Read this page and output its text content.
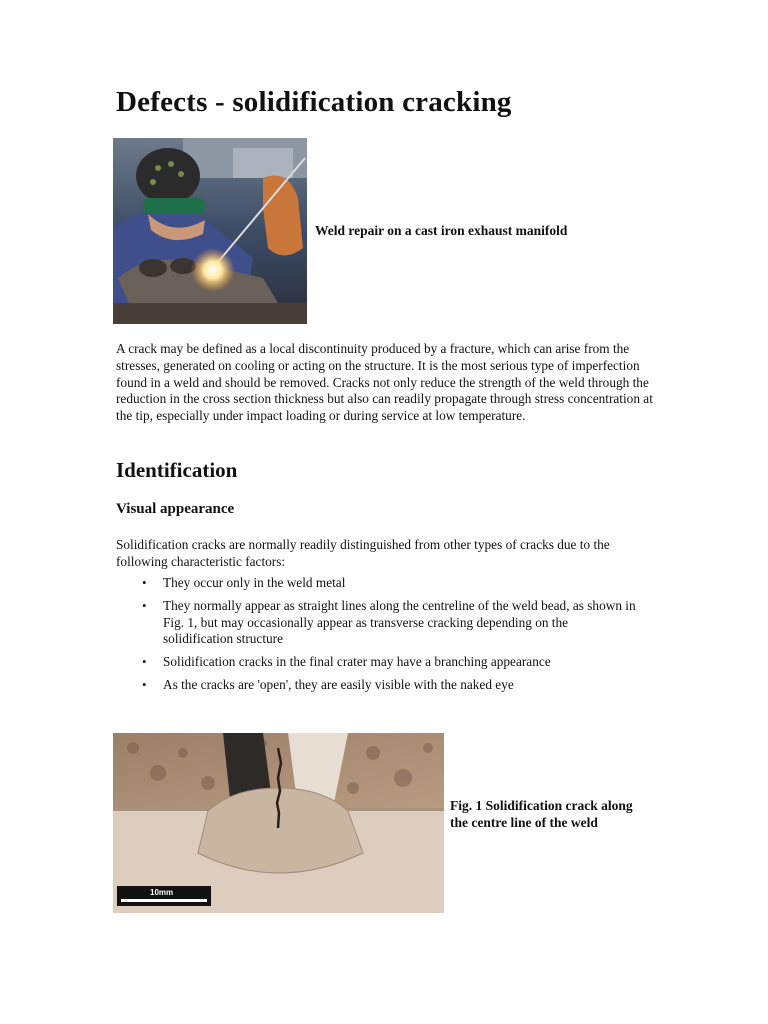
Defects - solidification cracking

Weld repair on a cast iron exhaust manifold

A crack may be defined as a local discontinuity produced by a fracture, which can arise from the stresses, generated on cooling or acting on the structure. It is the most serious type of imperfection found in a weld and should be removed. Cracks not only reduce the strength of the weld through the reduction in the cross section thickness but also can readily propagate through stress concentration at the tip, especially under impact loading or during service at low temperature.

Identification
Visual appearance

Solidification cracks are normally readily distinguished from other types of cracks due to the following characteristic factors:

• They occur only in the weld metal
• They normally appear as straight lines along the centreline of the weld bead, as shown in Fig. 1, but may occasionally appear as transverse cracking depending on the solidification structure
• Solidification cracks in the final crater may have a branching appearance
• As the cracks are 'open', they are easily visible with the naked eye
10mm

Fig. 1 Solidification crack along the centre line of the weld
